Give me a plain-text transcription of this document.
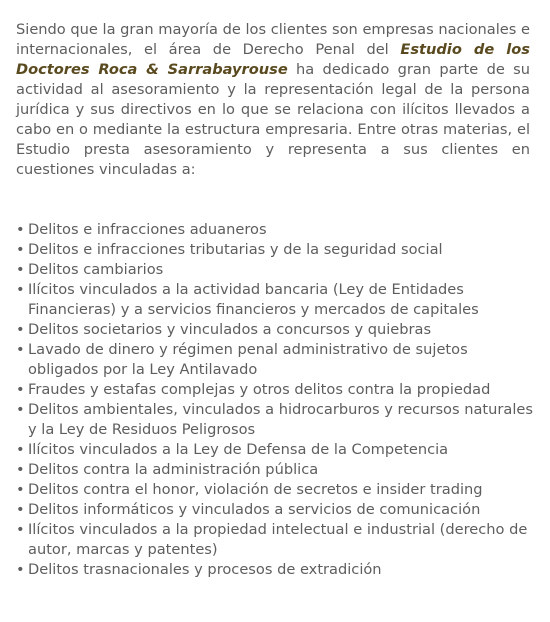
Siendo que la gran mayoría de los clientes son empresas nacionales e internacionales, el área de Derecho Penal del Estudio de los Doctores Roca & Sarrabayrouse ha dedicado gran parte de su actividad al asesoramiento y la representación legal de la persona jurídica y sus directivos en lo que se relaciona con ilícitos llevados a cabo en o mediante la estructura empresaria. Entre otras materias, el Estudio presta asesoramiento y representa a sus clientes en cuestiones vinculadas a:

• Delitos e infracciones aduaneros
• Delitos e infracciones tributarias y de la seguridad social
• Delitos cambiarios
• Ilícitos vinculados a la actividad bancaria (Ley de Entidades Financieras) y a servicios financieros y mercados de capitales
• Delitos societarios y vinculados a concursos y quiebras
• Lavado de dinero y régimen penal administrativo de sujetos obligados por la Ley Antilavado
• Fraudes y estafas complejas y otros delitos contra la propiedad
• Delitos ambientales, vinculados a hidrocarburos y recursos naturales y la Ley de Residuos Peligrosos
• Ilícitos vinculados a la Ley de Defensa de la Competencia
• Delitos contra la administración pública
• Delitos contra el honor, violación de secretos e insider trading
• Delitos informáticos y vinculados a servicios de comunicación
• Ilícitos vinculados a la propiedad intelectual e industrial (derecho de autor, marcas y patentes)
• Delitos trasnacionales y procesos de extradición
